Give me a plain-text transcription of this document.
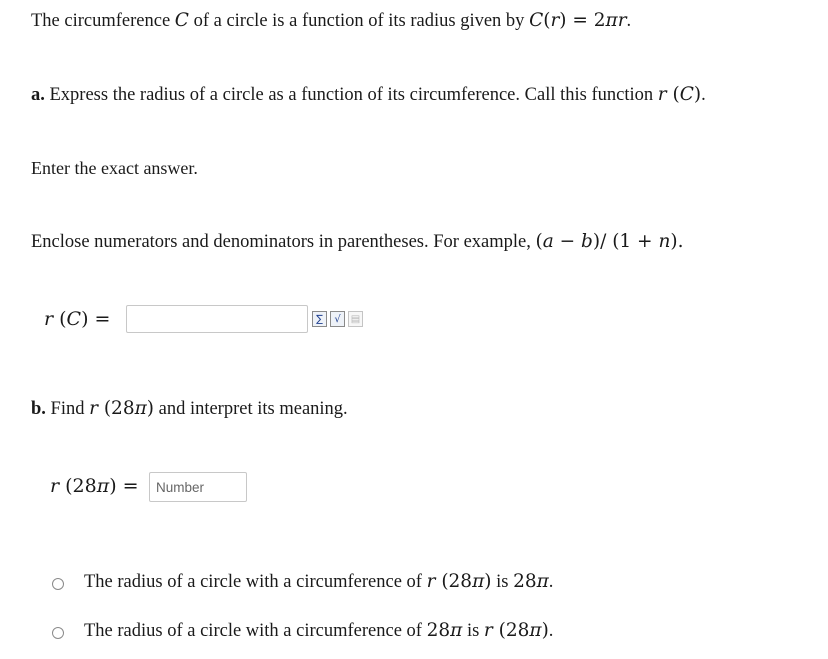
The circumference C of a circle is a function of its radius given by C(r) = 2πr.
a. Express the radius of a circle as a function of its circumference. Call this function r (C).
Enter the exact answer.
Enclose numerators and denominators in parentheses. For example, (a − b)/ (1 + n).
r (C) =	∑	√	▤
b. Find r (28π) and interpret its meaning.
r (28π) =
Number
The radius of a circle with a circumference of r (28π) is 28π.
The radius of a circle with a circumference of 28π is r (28π).
